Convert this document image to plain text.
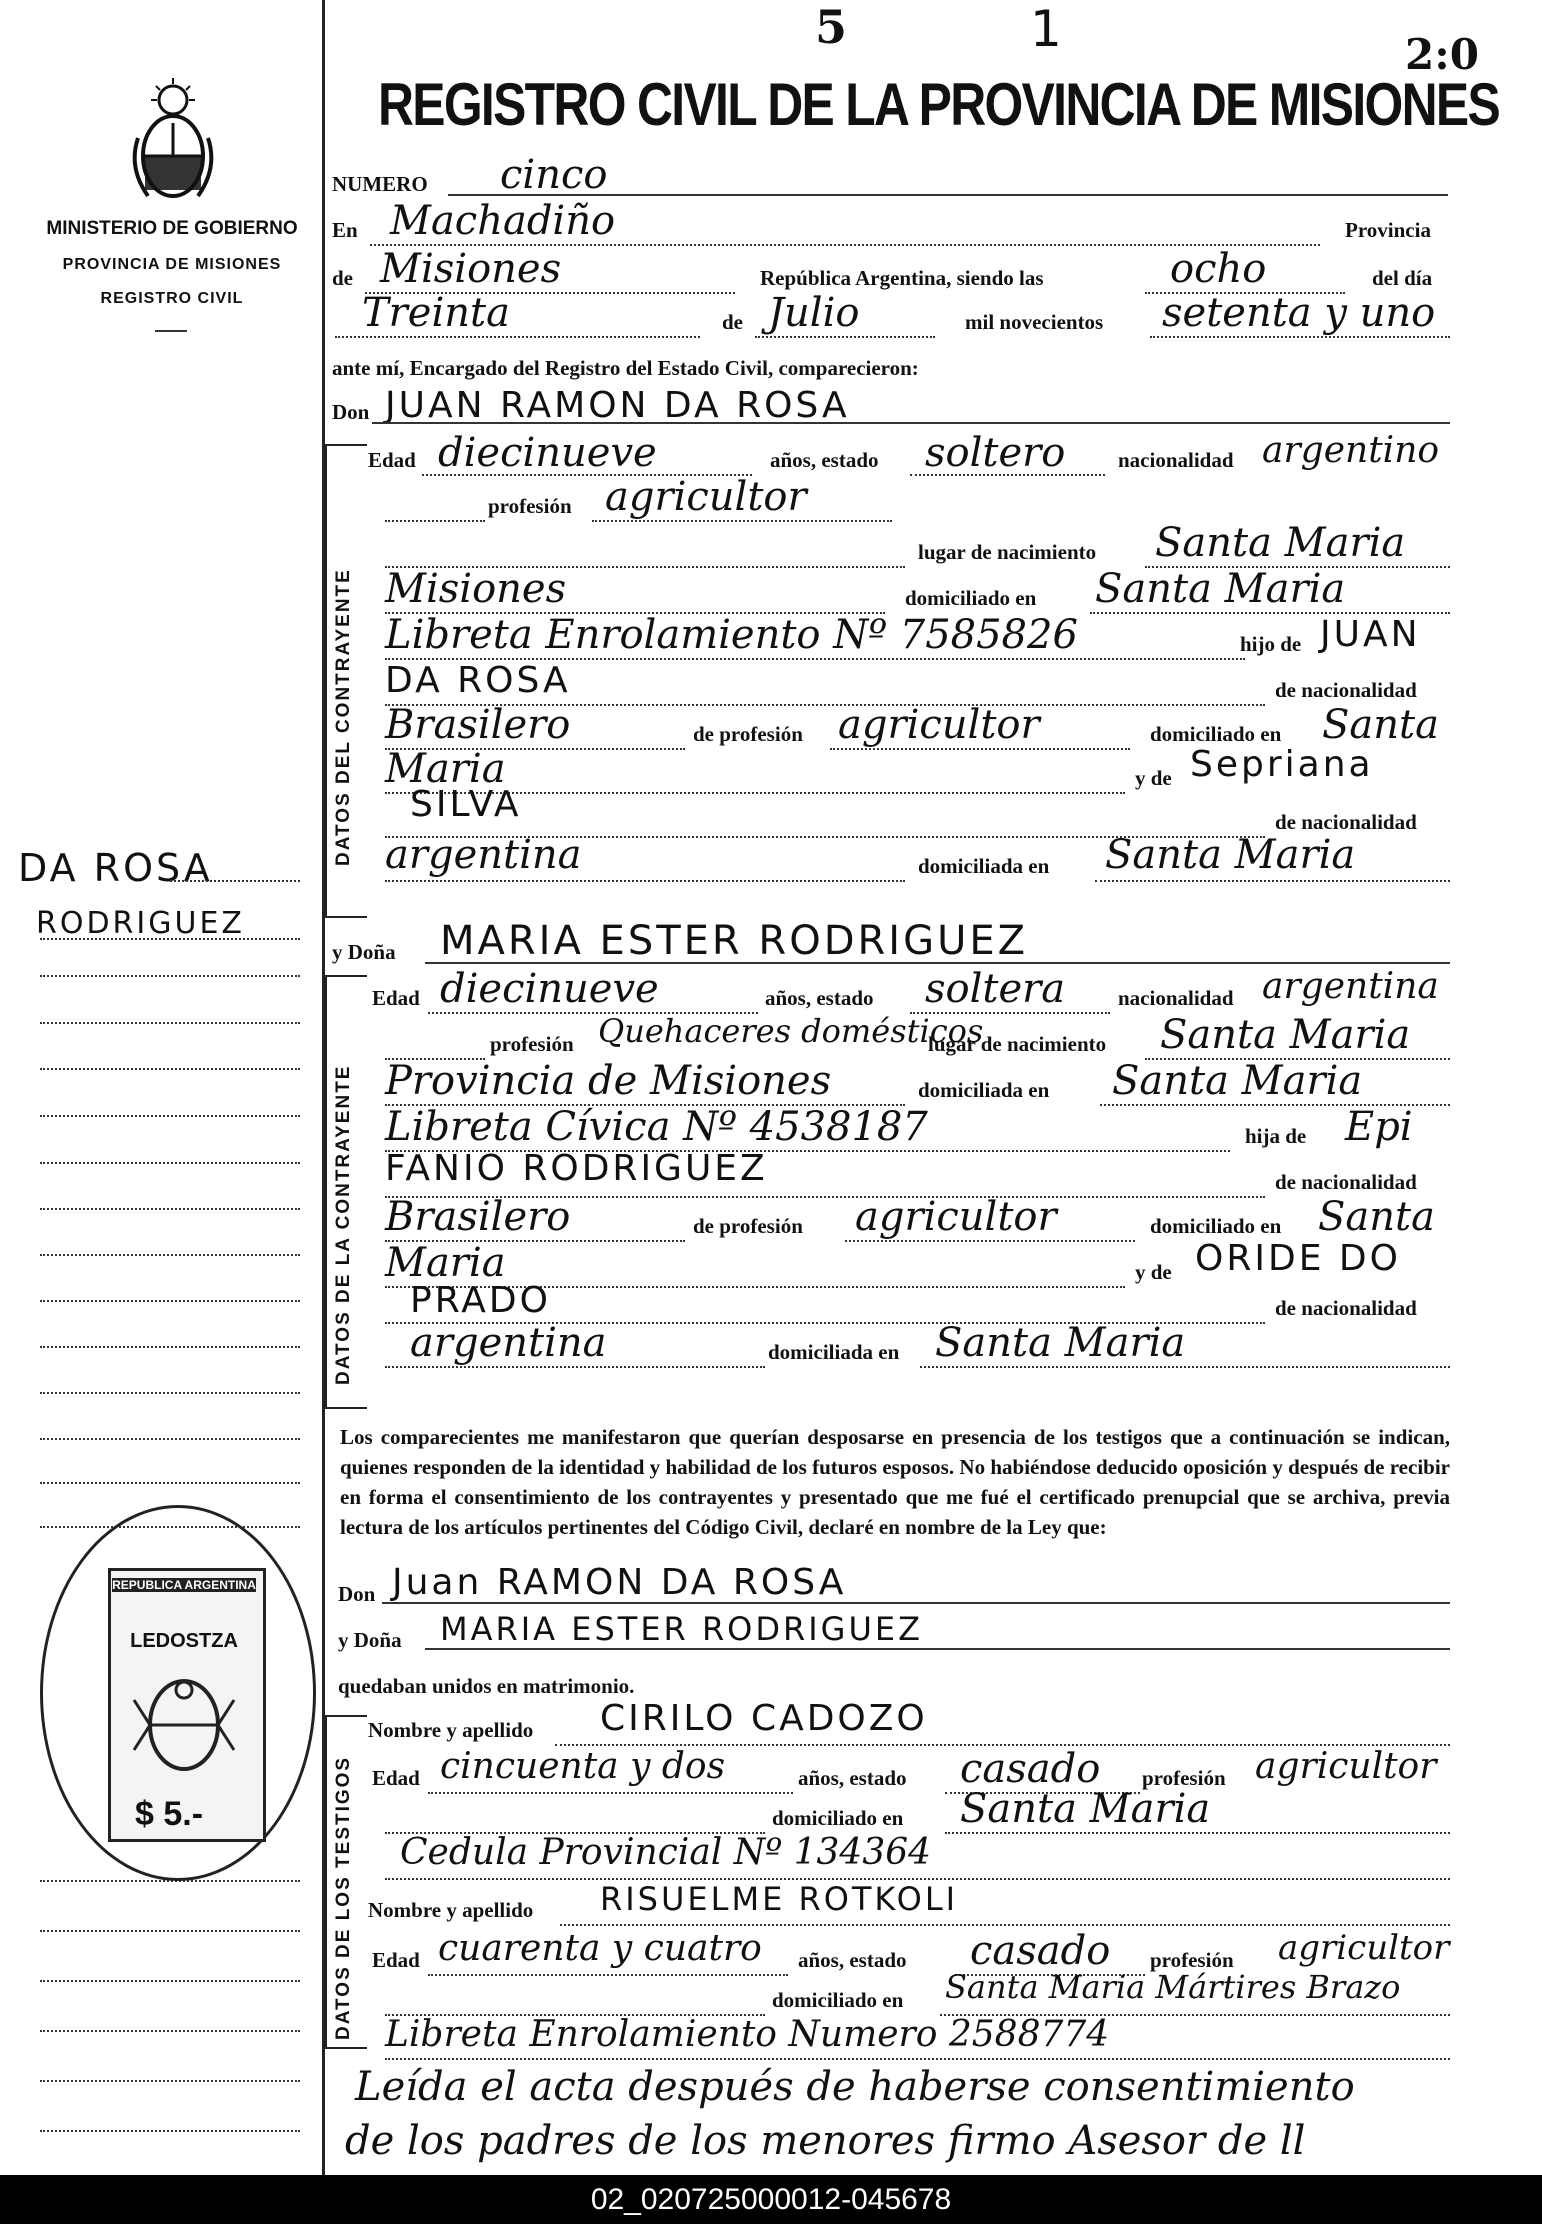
5	1	2:0
REGISTRO CIVIL DE LA PROVINCIA DE MISIONES
MINISTERIO DE GOBIERNO
PROVINCIA DE MISIONES
REGISTRO CIVIL
DA ROSA
RODRIGUEZ
REPUBLICA ARGENTINA
LEDOSTZA
$ 5.-
NUMERO cinco
En Machadiño	Provincia
de Misiones	República Argentina, siendo las	ocho	del día
Treinta	de Julio	mil novecientos setenta y uno
ante mí, Encargado del Registro del Estado Civil, comparecieron:
Don JUAN RAMON DA ROSA
DATOS DEL CONTRAYENTE
Edad diecinueve	años, estado soltero	nacionalidad argentino
profesión agricultor
lugar de nacimiento Santa Maria
Misiones	domiciliado en Santa Maria
Libreta Enrolamiento Nº 7585826	hijo de JUAN
DA ROSA	de nacionalidad
Brasilero	de profesión agricultor	domiciliado en Santa
Maria	y de Sepriana
SILVA	de nacionalidad
argentina	domiciliada en Santa Maria
y Doña MARIA ESTER RODRIGUEZ
DATOS DE LA CONTRAYENTE
Edad diecinueve	años, estado soltera	nacionalidad argentina
profesión Quehaceres domésticos
lugar de nacimiento Santa Maria
Provincia de Misiones	domiciliada en Santa Maria
Libreta Cívica Nº 4538187	hija de Epi
FANIO RODRIGUEZ	de nacionalidad
Brasilero	de profesión agricultor	domiciliado en Santa
Maria	y de ORIDE DO
PRADO	de nacionalidad
argentina	domiciliada en Santa Maria
Los comparecientes me manifestaron que querían desposarse en presencia de los testigos que a continuación se indican, quienes responden de la identidad y habilidad de los futuros esposos. No habiéndose deducido oposición y después de recibir en forma el consentimiento de los contrayentes y presentado que me fué el certificado prenupcial que se archiva, previa lectura de los artículos pertinentes del Código Civil, declaré en nombre de la Ley que:
Don Juan RAMON DA ROSA
y Doña MARIA ESTER RODRIGUEZ
quedaban unidos en matrimonio.
DATOS DE LOS TESTIGOS
Nombre y apellido CIRILO CADOZO
Edad cincuenta y dos	años, estado casado profesión agricultor
domiciliado en Santa Maria
Cedula Provincial Nº 134364
Nombre y apellido RISUELME ROTKOLI
Edad cuarenta y cuatro años, estado casado profesión agricultor
domiciliado en Santa Maria Mártires Brazo
Libreta Enrolamiento Numero 2588774
Leída el acta después de haberse consentimiento
de los padres de los menores firmo Asesor de ll
02_020725000012-045678
